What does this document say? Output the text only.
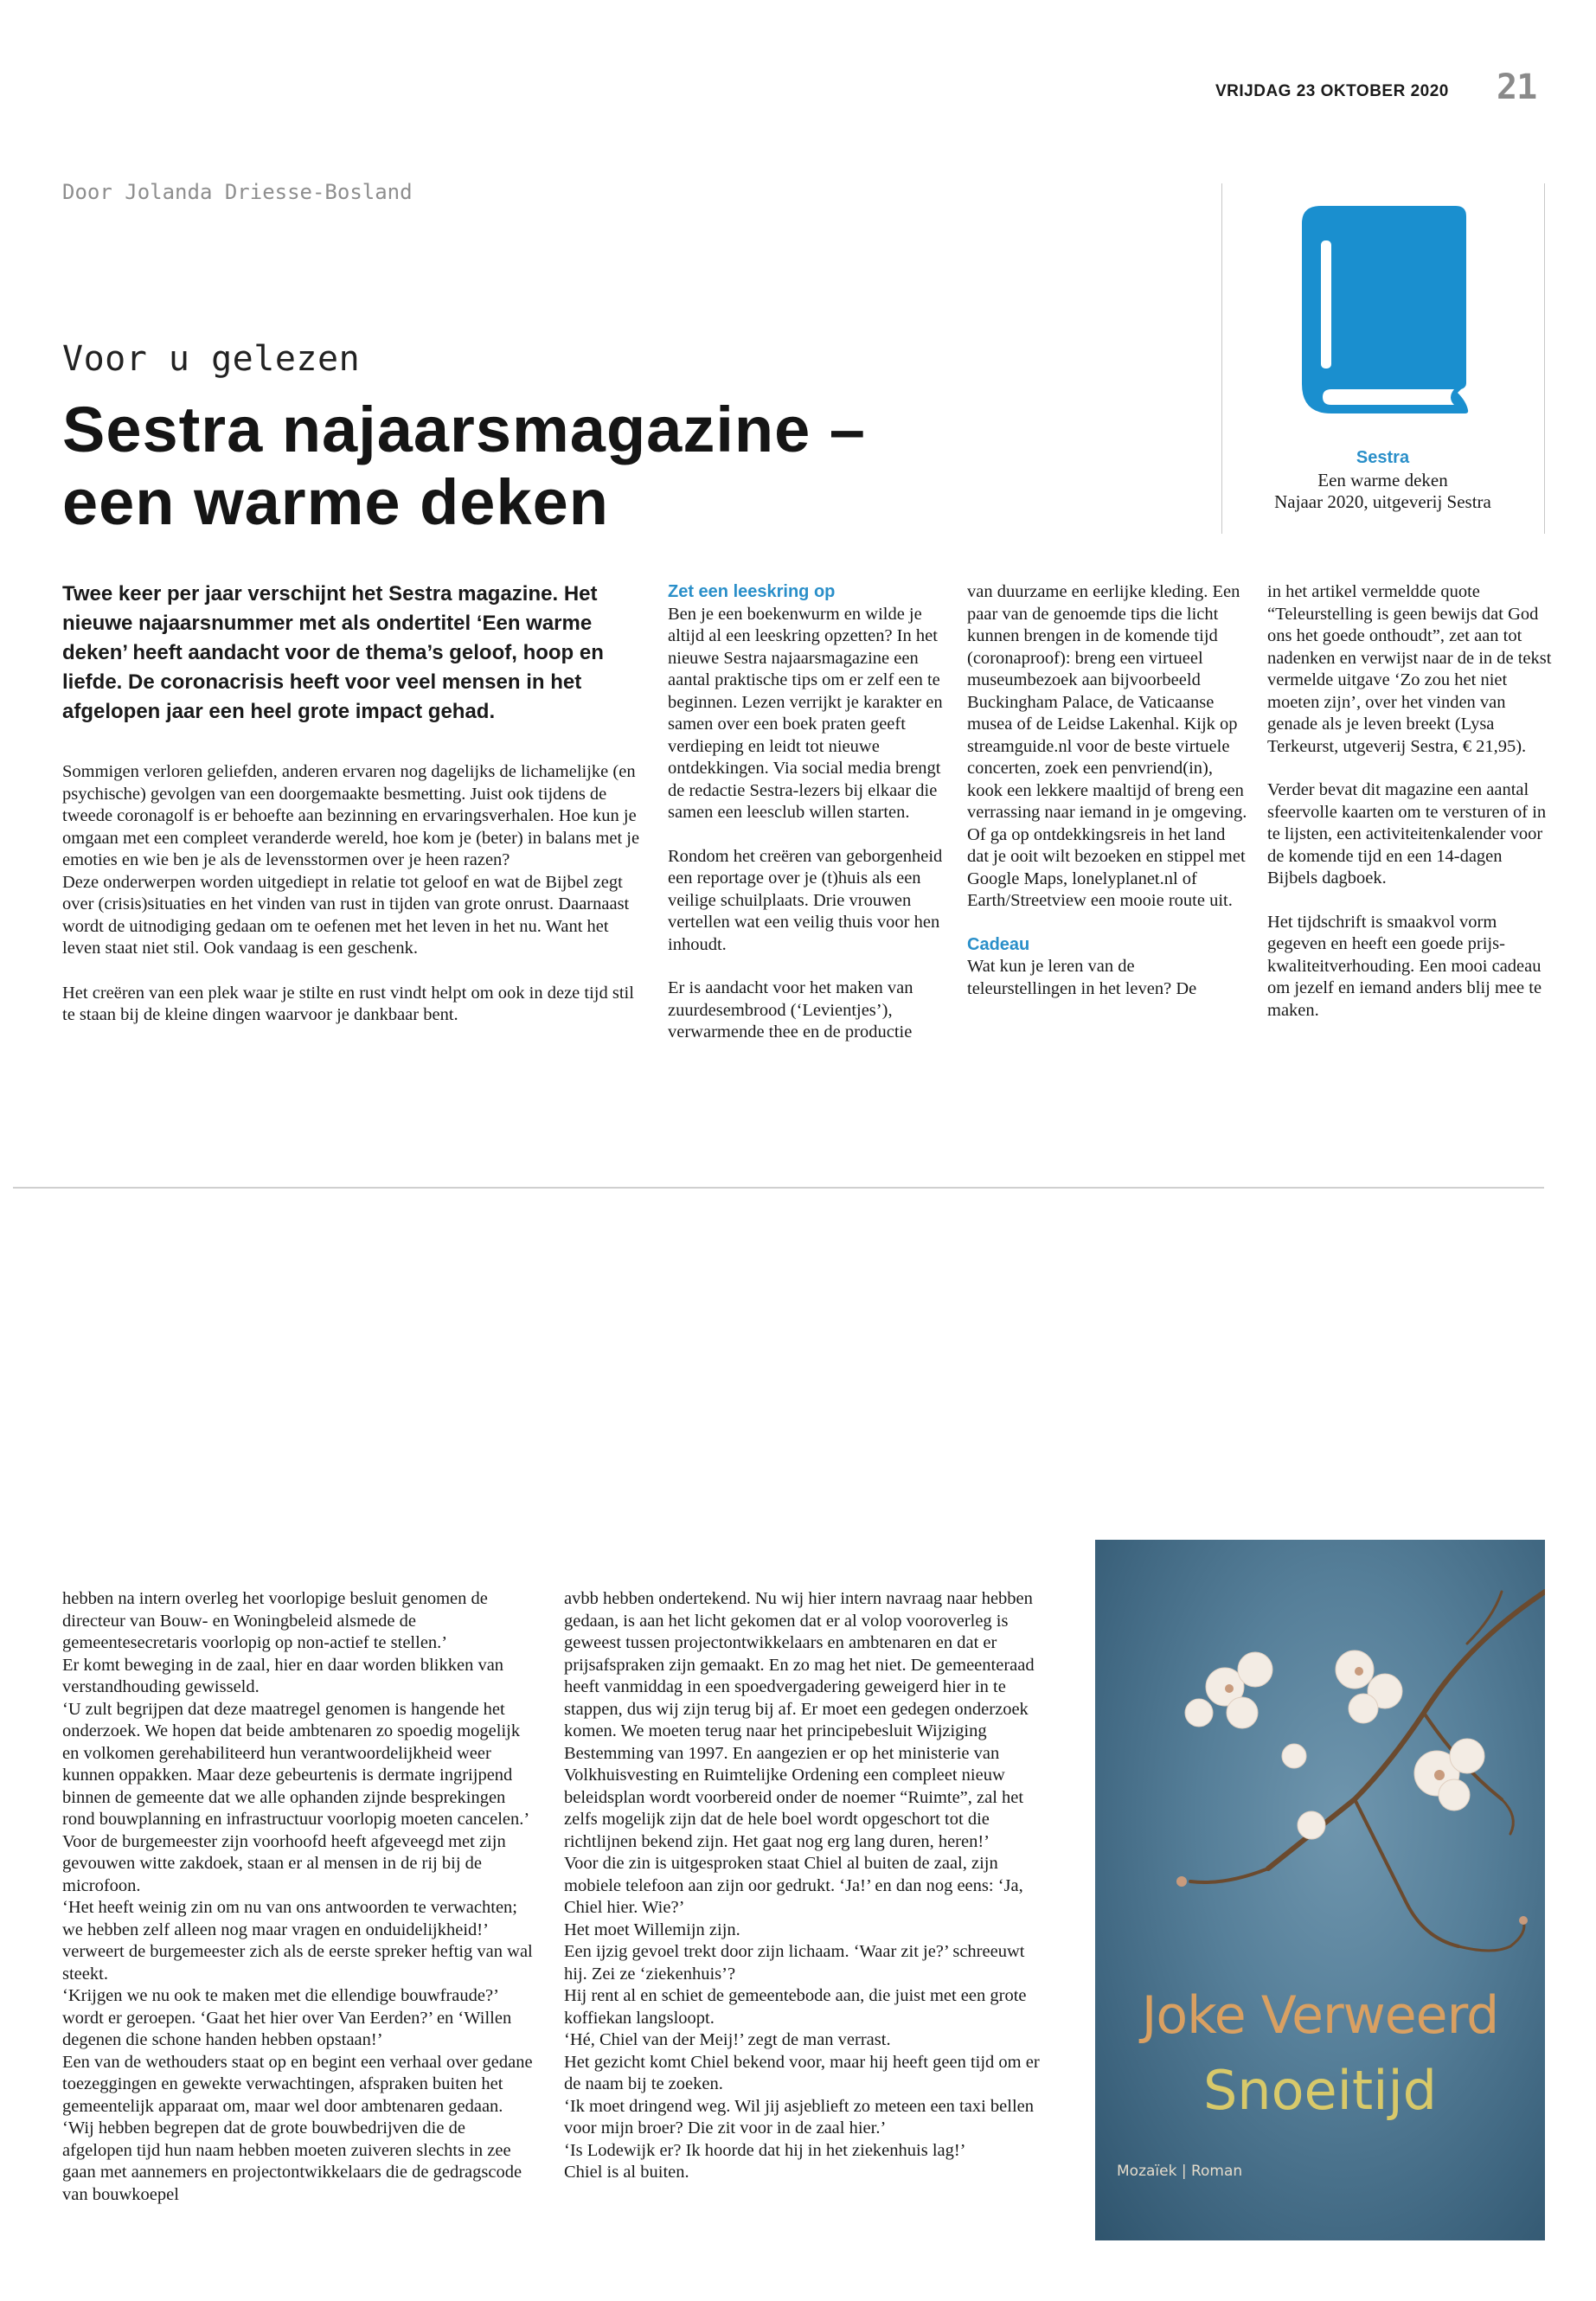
VRIJDAG 23 OKTOBER 2020 21
Door Jolanda Driesse-Bosland
Voor u gelezen
Sestra najaarsmagazine –
een warme deken
Sestra
Een warme deken
Najaar 2020, uitgeverij Sestra
Twee keer per jaar verschijnt het Sestra magazine. Het nieuwe najaarsnummer met als ondertitel ‘Een warme deken’ heeft aandacht voor de thema’s geloof, hoop en liefde. De coronacrisis heeft voor veel mensen in het afgelopen jaar een heel grote impact gehad.

Sommigen verloren geliefden, anderen ervaren nog dagelijks de lichamelijke (en psychische) gevolgen van een doorgemaakte besmetting. Juist ook tijdens de tweede coronagolf is er behoefte aan bezinning en ervaringsverhalen. Hoe kun je omgaan met een compleet veranderde wereld, hoe kom je (beter) in balans met je emoties en wie ben je als de levensstormen over je heen razen?

Deze onderwerpen worden uitgediept in relatie tot geloof en wat de Bijbel zegt over (crisis)situaties en het vinden van rust in tijden van grote onrust. Daarnaast wordt de uitnodiging gedaan om te oefenen met het leven in het nu. Want het leven staat niet stil. Ook vandaag is een geschenk.

Het creëren van een plek waar je stilte en rust vindt helpt om ook in deze tijd stil te staan bij de kleine dingen waarvoor je dankbaar bent.

Zet een leeskring op

Ben je een boekenwurm en wilde je altijd al een leeskring opzetten? In het nieuwe Sestra najaarsmagazine een aantal praktische tips om er zelf een te beginnen. Lezen verrijkt je karakter en samen over een boek praten geeft verdieping en leidt tot nieuwe ontdekkingen. Via social media brengt de redactie Sestra-lezers bij elkaar die samen een leesclub willen starten.

Rondom het creëren van geborgenheid een reportage over je (t)huis als een veilige schuilplaats. Drie vrouwen vertellen wat een veilig thuis voor hen inhoudt.

Er is aandacht voor het maken van zuurdesembrood (‘Levientjes’), verwarmende thee en de productie

van duurzame en eerlijke kleding. Een paar van de genoemde tips die licht kunnen brengen in de komende tijd (coronaproof): breng een virtueel museumbezoek aan bijvoorbeeld Buckingham Palace, de Vaticaanse musea of de Leidse Lakenhal. Kijk op streamguide.nl voor de beste virtuele concerten, zoek een penvriend(in), kook een lekkere maaltijd of breng een verrassing naar iemand in je omgeving. Of ga op ontdekkingsreis in het land dat je ooit wilt bezoeken en stippel met Google Maps, lonelyplanet.nl of Earth/Streetview een mooie route uit.

Cadeau

Wat kun je leren van de teleurstellingen in het leven? De

in het artikel vermeldde quote “Teleurstelling is geen bewijs dat God ons het goede onthoudt”, zet aan tot nadenken en verwijst naar de in de tekst vermelde uitgave ‘Zo zou het niet moeten zijn’, over het vinden van genade als je leven breekt (Lysa Terkeurst, utgeverij Sestra, € 21,95).

Verder bevat dit magazine een aantal sfeervolle kaarten om te versturen of in te lijsten, een activiteitenkalender voor de komende tijd en een 14-dagen Bijbels dagboek.

Het tijdschrift is smaakvol vorm gegeven en heeft een goede prijs-kwaliteitverhouding. Een mooi cadeau om jezelf en iemand anders blij mee te maken.

hebben na intern overleg het voorlopige besluit genomen de directeur van Bouw- en Woningbeleid alsmede de gemeentesecretaris voorlopig op non-actief te stellen.’

Er komt beweging in de zaal, hier en daar worden blikken van verstandhouding gewisseld.

‘U zult begrijpen dat deze maatregel genomen is hangende het onderzoek. We hopen dat beide ambtenaren zo spoedig mogelijk en volkomen gerehabiliteerd hun verantwoordelijkheid weer kunnen oppakken. Maar deze gebeurtenis is dermate ingrijpend binnen de gemeente dat we alle ophanden zijnde besprekingen rond bouwplanning en infrastructuur voorlopig moeten cancelen.’

Voor de burgemeester zijn voorhoofd heeft afgeveegd met zijn gevouwen witte zakdoek, staan er al mensen in de rij bij de microfoon.

‘Het heeft weinig zin om nu van ons antwoorden te verwachten; we hebben zelf alleen nog maar vragen en onduidelijkheid!’ verweert de burgemeester zich als de eerste spreker heftig van wal steekt.

‘Krijgen we nu ook te maken met die ellendige bouwfraude?’ wordt er geroepen. ‘Gaat het hier over Van Eerden?’ en ‘Willen degenen die schone handen hebben opstaan!’

Een van de wethouders staat op en begint een verhaal over gedane toezeggingen en gewekte verwachtingen, afspraken buiten het gemeentelijk apparaat om, maar wel door ambtenaren gedaan. ‘Wij hebben begrepen dat de grote bouwbedrijven die de afgelopen tijd hun naam hebben moeten zuiveren slechts in zee gaan met aannemers en projectontwikkelaars die de gedragscode van bouwkoepel

avbb hebben ondertekend. Nu wij hier intern navraag naar hebben gedaan, is aan het licht gekomen dat er al volop vooroverleg is geweest tussen projectontwikkelaars en ambtenaren en dat er prijsafspraken zijn gemaakt. En zo mag het niet. De gemeenteraad heeft vanmiddag in een spoedvergadering geweigerd hier in te stappen, dus wij zijn terug bij af. Er moet een gedegen onderzoek komen. We moeten terug naar het principebesluit Wijziging Bestemming van 1997. En aangezien er op het ministerie van Volkhuisvesting en Ruimtelijke Ordening een compleet nieuw beleidsplan wordt voorbereid onder de noemer “Ruimte”, zal het zelfs mogelijk zijn dat de hele boel wordt opgeschort tot die richtlijnen bekend zijn. Het gaat nog erg lang duren, heren!’

Voor die zin is uitgesproken staat Chiel al buiten de zaal, zijn mobiele telefoon aan zijn oor gedrukt. ‘Ja!’ en dan nog eens: ‘Ja, Chiel hier. Wie?’

Het moet Willemijn zijn.

Een ijzig gevoel trekt door zijn lichaam. ‘Waar zit je?’ schreeuwt hij. Zei ze ‘ziekenhuis’?

Hij rent al en schiet de gemeentebode aan, die juist met een grote koffiekan langsloopt.

‘Hé, Chiel van der Meij!’ zegt de man verrast.

Het gezicht komt Chiel bekend voor, maar hij heeft geen tijd om er de naam bij te zoeken.

‘Ik moet dringend weg. Wil jij asjeblieft zo meteen een taxi bellen voor mijn broer? Die zit voor in de zaal hier.’

‘Is Lodewijk er? Ik hoorde dat hij in het ziekenhuis lag!’

Chiel is al buiten.

Joke Verweerd
Snoeitijd
Mozaïek | Roman
